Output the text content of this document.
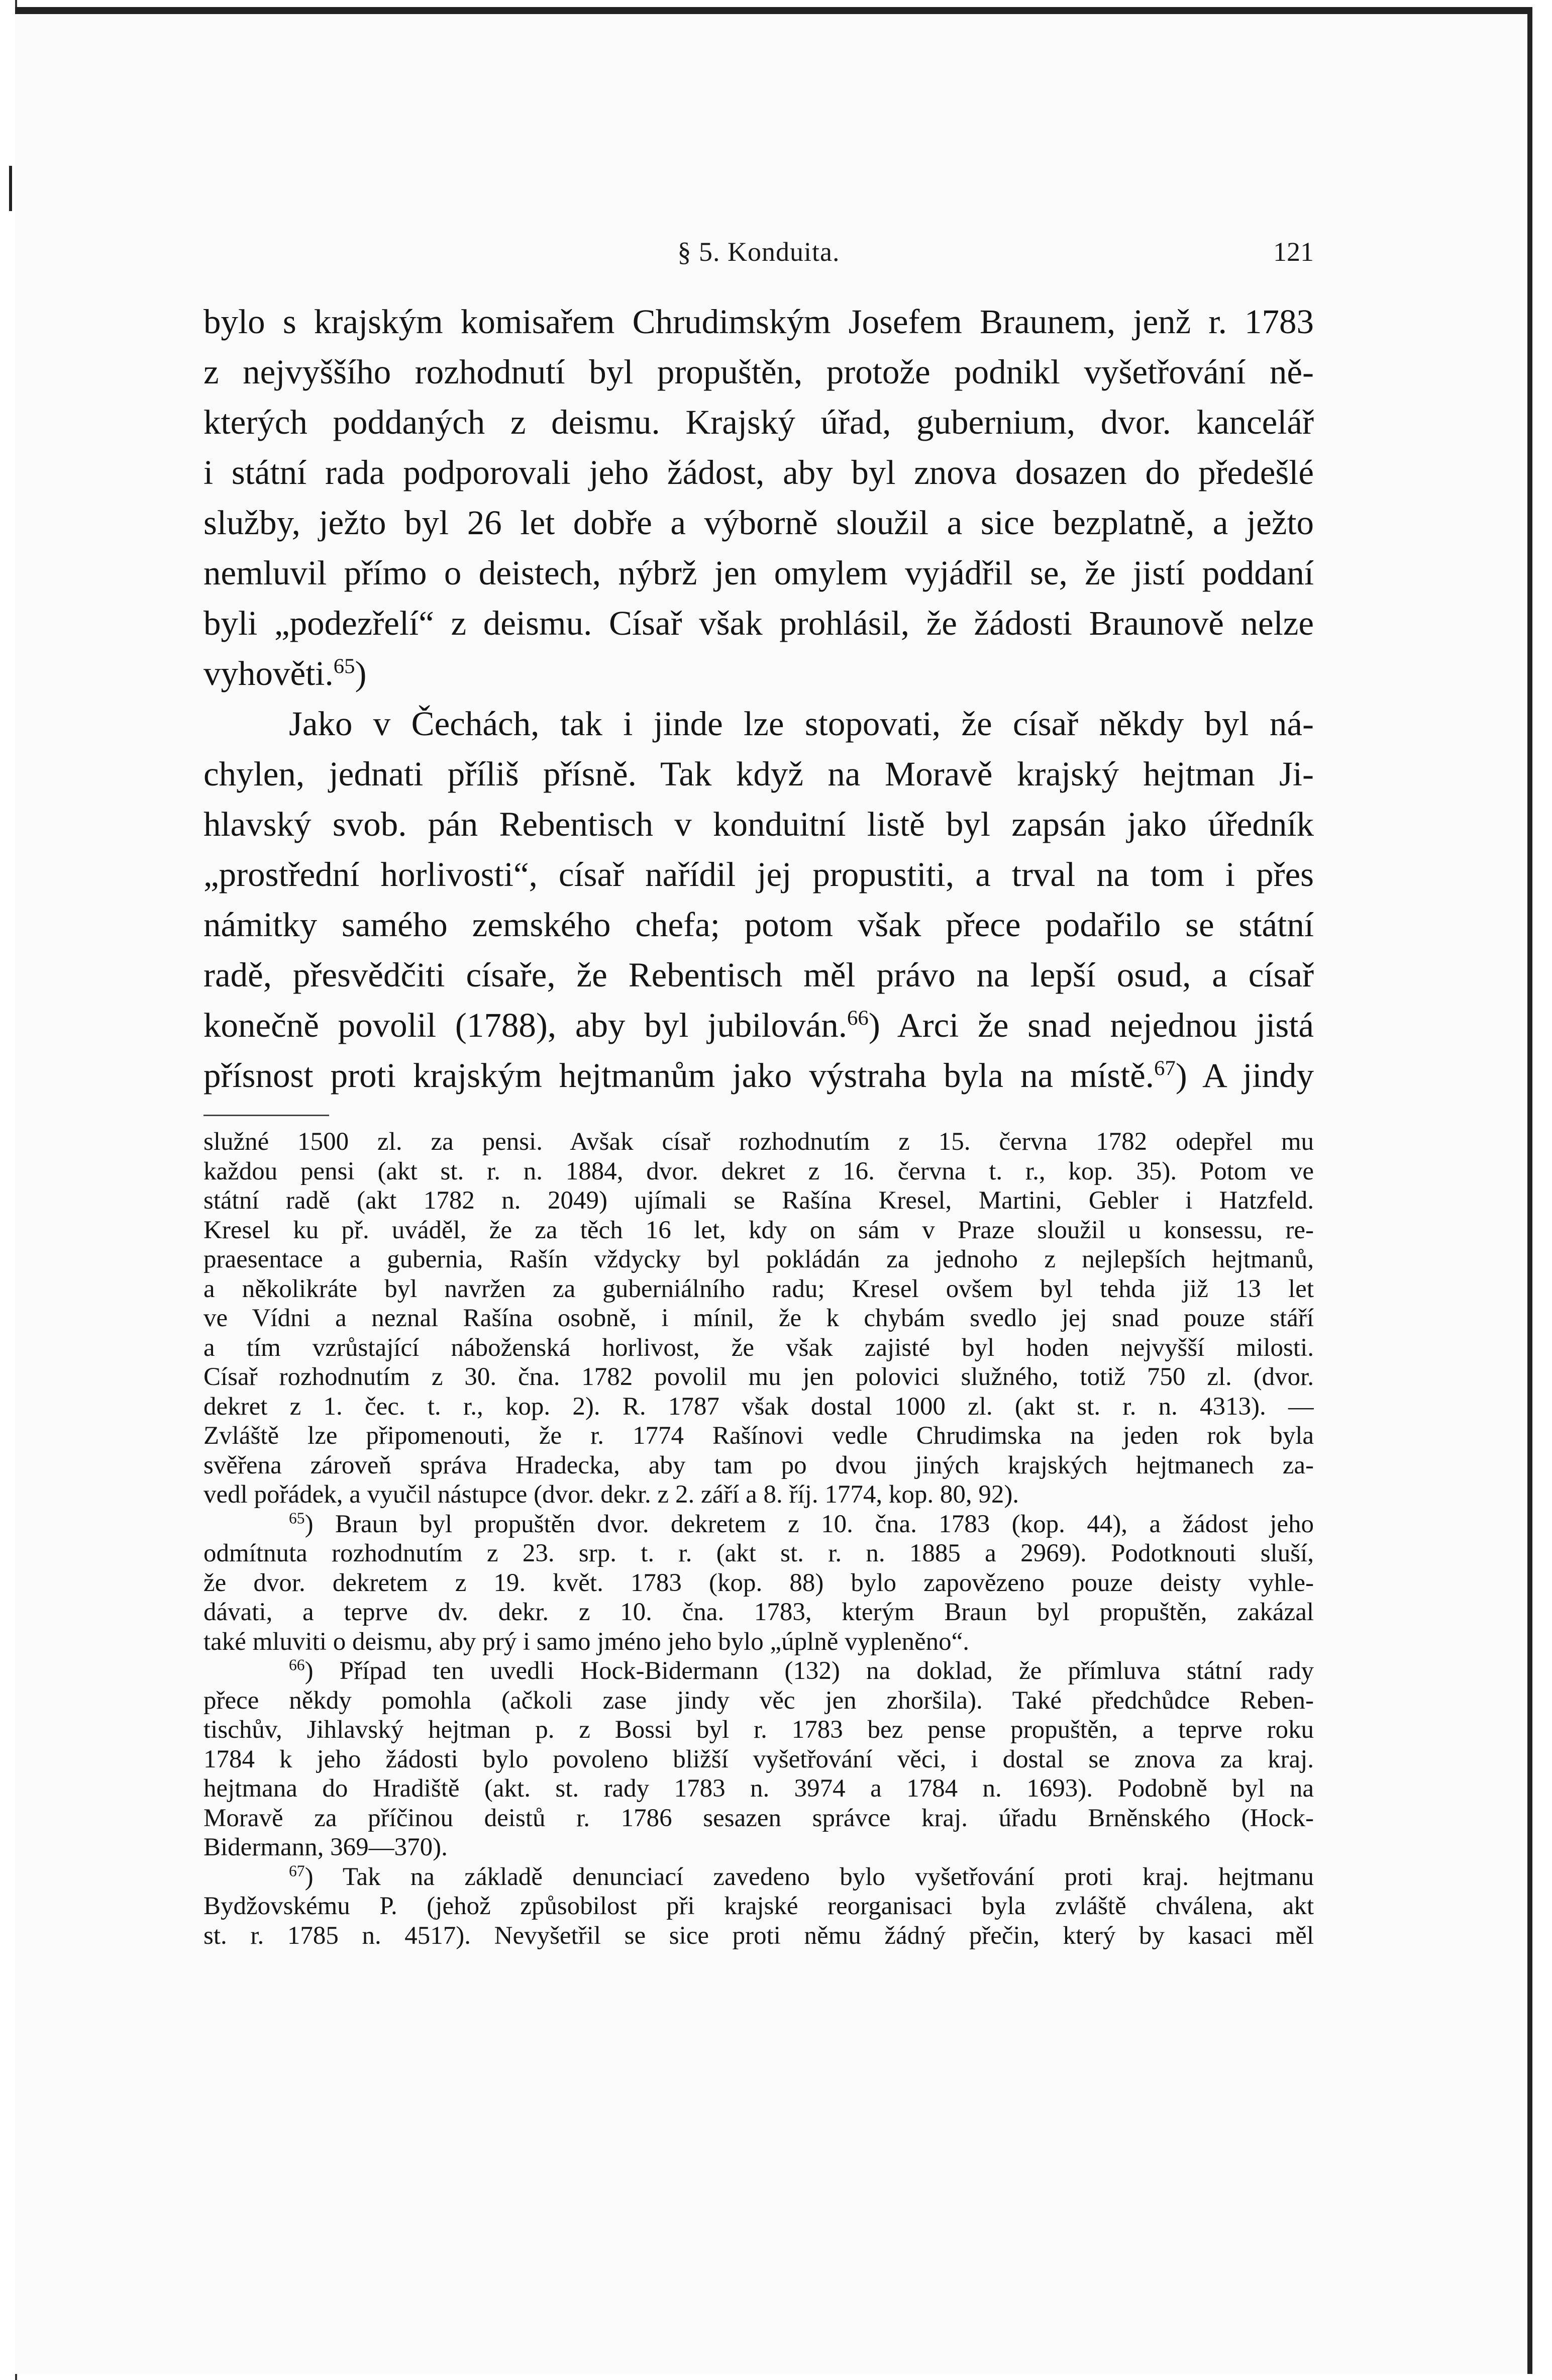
§ 5. Konduita.	121
bylo s krajským komisařem Chrudimským Josefem Braunem, jenž r. 1783
z nejvyššího rozhodnutí byl propuštěn, protože podnikl vyšetřování ně-
kterých poddaných z deismu. Krajský úřad, gubernium, dvor. kancelář
i státní rada podporovali jeho žádost, aby byl znova dosazen do předešlé
služby, ježto byl 26 let dobře a výborně sloužil a sice bezplatně, a ježto
nemluvil přímo o deistech, nýbrž jen omylem vyjádřil se, že jistí poddaní
byli „podezřelí“ z deismu. Císař však prohlásil, že žádosti Braunově nelze
vyhověti.$^{65}$)
Jako v Čechách, tak i jinde lze stopovati, že císař někdy byl ná-
chylen, jednati příliš přísně. Tak když na Moravě krajský hejtman Ji-
hlavský svob. pán Rebentisch v konduitní listě byl zapsán jako úředník
„prostřední horlivosti“, císař nařídil jej propustiti, a trval na tom i přes
námitky samého zemského chefa; potom však přece podařilo se státní
radě, přesvědčiti císaře, že Rebentisch měl právo na lepší osud, a císař
konečně povolil (1788), aby byl jubilován.$^{66}$) Arci že snad nejednou jistá
přísnost proti krajským hejtmanům jako výstraha byla na místě.$^{67}$) A jindy
služné 1500 zl. za pensi. Avšak císař rozhodnutím z 15. června 1782 odepřel mu
každou pensi (akt st. r. n. 1884, dvor. dekret z 16. června t. r., kop. 35). Potom ve
státní radě (akt 1782 n. 2049) ujímali se Rašína Kresel, Martini, Gebler i Hatzfeld.
Kresel ku př. uváděl, že za těch 16 let, kdy on sám v Praze sloužil u konsessu, re-
praesentace a gubernia, Rašín vždycky byl pokládán za jednoho z nejlepších hejtmanů,
a několikráte byl navržen za guberniálního radu; Kresel ovšem byl tehda již 13 let
ve Vídni a neznal Rašína osobně, i mínil, že k chybám svedlo jej snad pouze stáří
a tím vzrůstající náboženská horlivost, že však zajisté byl hoden nejvyšší milosti.
Císař rozhodnutím z 30. čna. 1782 povolil mu jen polovici služného, totiž 750 zl. (dvor.
dekret z 1. čec. t. r., kop. 2). R. 1787 však dostal 1000 zl. (akt st. r. n. 4313). —
Zvláště lze připomenouti, že r. 1774 Rašínovi vedle Chrudimska na jeden rok byla
svěřena zároveň správa Hradecka, aby tam po dvou jiných krajských hejtmanech za-
vedl pořádek, a vyučil nástupce (dvor. dekr. z 2. září a 8. říj. 1774, kop. 80, 92).
$^{65}$) Braun byl propuštěn dvor. dekretem z 10. čna. 1783 (kop. 44), a žádost jeho
odmítnuta rozhodnutím z 23. srp. t. r. (akt st. r. n. 1885 a 2969). Podotknouti sluší,
že dvor. dekretem z 19. květ. 1783 (kop. 88) bylo zapovězeno pouze deisty vyhle-
dávati, a teprve dv. dekr. z 10. čna. 1783, kterým Braun byl propuštěn, zakázal
také mluviti o deismu, aby prý i samo jméno jeho bylo „úplně vypleněno“.
$^{66}$) Případ ten uvedli Hock-Bidermann (132) na doklad, že přímluva státní rady
přece někdy pomohla (ačkoli zase jindy věc jen zhoršila). Také předchůdce Reben-
tischův, Jihlavský hejtman p. z Bossi byl r. 1783 bez pense propuštěn, a teprve roku
1784 k jeho žádosti bylo povoleno bližší vyšetřování věci, i dostal se znova za kraj.
hejtmana do Hradiště (akt. st. rady 1783 n. 3974 a 1784 n. 1693). Podobně byl na
Moravě za příčinou deistů r. 1786 sesazen správce kraj. úřadu Brněnského (Hock-
Bidermann, 369—370).
$^{67}$) Tak na základě denunciací zavedeno bylo vyšetřování proti kraj. hejtmanu
Bydžovskému P. (jehož způsobilost při krajské reorganisaci byla zvláště chválena, akt
st. r. 1785 n. 4517). Nevyšetřil se sice proti němu žádný přečin, který by kasaci měl
